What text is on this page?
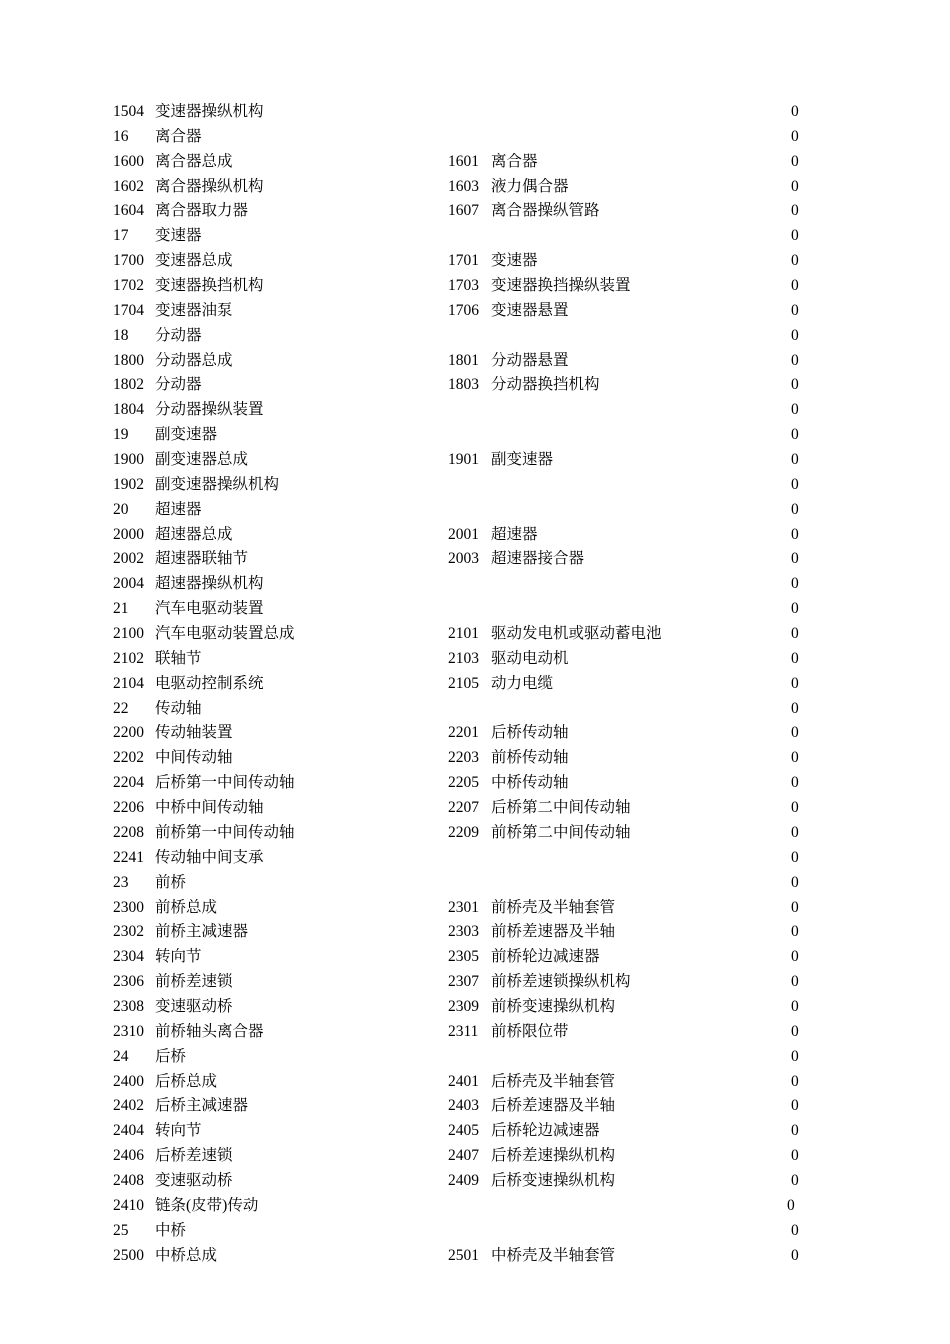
1504 变速器操纵机构	0
16 离合器	0
1600 离合器总成	1601 离合器	0
1602 离合器操纵机构	1603 液力偶合器	0
1604 离合器取力器	1607 离合器操纵管路	0
17 变速器	0
1700 变速器总成	1701 变速器	0
1702 变速器换挡机构	1703 变速器换挡操纵装置	0
1704 变速器油泵	1706 变速器悬置	0
18 分动器	0
1800 分动器总成	1801 分动器悬置	0
1802 分动器	1803 分动器换挡机构	0
1804 分动器操纵装置	0
19 副变速器	0
1900 副变速器总成	1901 副变速器	0
1902 副变速器操纵机构	0
20 超速器	0
2000 超速器总成	2001 超速器	0
2002 超速器联轴节	2003 超速器接合器	0
2004 超速器操纵机构	0
21 汽车电驱动装置	0
2100 汽车电驱动装置总成	2101 驱动发电机或驱动蓄电池	0
2102 联轴节	2103 驱动电动机	0
2104 电驱动控制系统	2105 动力电缆	0
22 传动轴	0
2200 传动轴装置	2201 后桥传动轴	0
2202 中间传动轴	2203 前桥传动轴	0
2204 后桥第一中间传动轴	2205 中桥传动轴	0
2206 中桥中间传动轴	2207 后桥第二中间传动轴	0
2208 前桥第一中间传动轴	2209 前桥第二中间传动轴	0
2241 传动轴中间支承	0
23 前桥	0
2300 前桥总成	2301 前桥壳及半轴套管	0
2302 前桥主减速器	2303 前桥差速器及半轴	0
2304 转向节	2305 前桥轮边减速器	0
2306 前桥差速锁	2307 前桥差速锁操纵机构	0
2308 变速驱动桥	2309 前桥变速操纵机构	0
2310 前桥轴头离合器	2311 前桥限位带	0
24 后桥	0
2400 后桥总成	2401 后桥壳及半轴套管	0
2402 后桥主减速器	2403 后桥差速器及半轴	0
2404 转向节	2405 后桥轮边减速器	0
2406 后桥差速锁	2407 后桥差速操纵机构	0
2408 变速驱动桥	2409 后桥变速操纵机构	0
2410 链条(皮带)传动	0
25 中桥	0
2500 中桥总成	2501 中桥壳及半轴套管	0
